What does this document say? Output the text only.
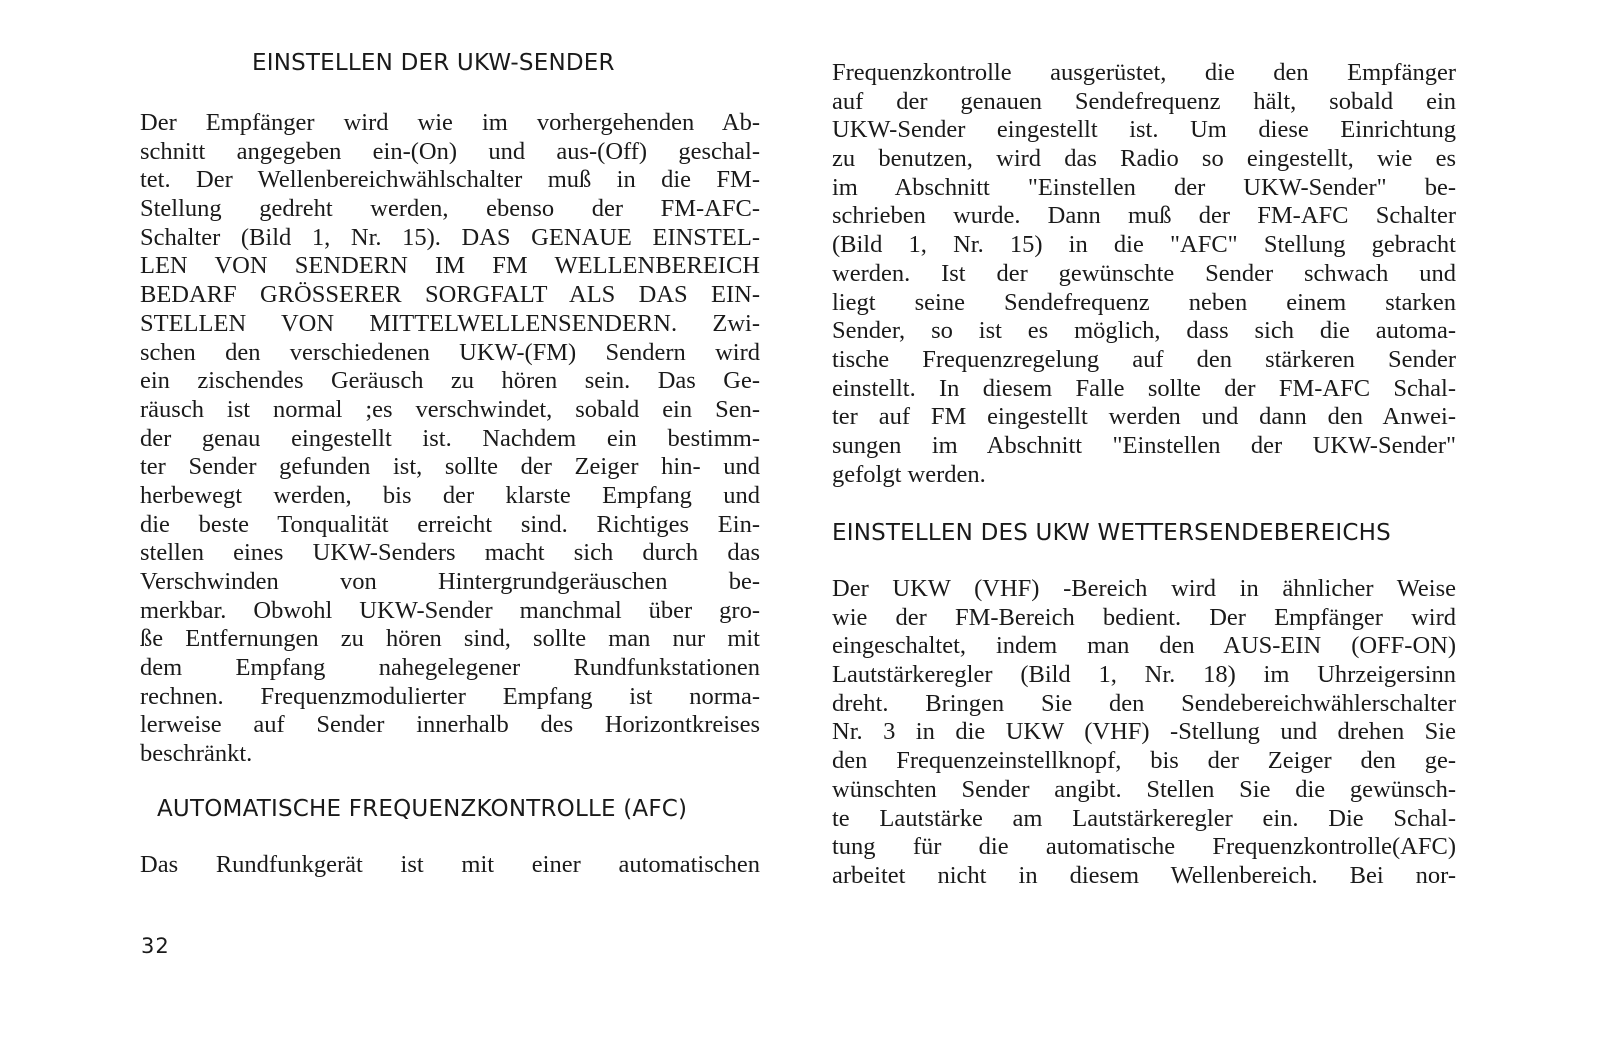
EINSTELLEN DER UKW-SENDER
Der Empfänger wird wie im vorhergehenden Ab-
schnitt angegeben ein-(On) und aus-(Off) geschal-
tet. Der Wellenbereichwählschalter muß in die FM-
Stellung gedreht werden, ebenso der FM-AFC-
Schalter (Bild 1, Nr. 15). DAS GENAUE EINSTEL-
LEN VON SENDERN IM FM WELLENBEREICH
BEDARF GRÖSSERER SORGFALT ALS DAS EIN-
STELLEN VON MITTELWELLENSENDERN. Zwi-
schen den verschiedenen UKW-(FM) Sendern wird
ein zischendes Geräusch zu hören sein. Das Ge-
räusch ist normal ;es verschwindet, sobald ein Sen-
der genau eingestellt ist. Nachdem ein bestimm-
ter Sender gefunden ist, sollte der Zeiger hin- und
herbewegt werden, bis der klarste Empfang und
die beste Tonqualität erreicht sind. Richtiges Ein-
stellen eines UKW-Senders macht sich durch das
Verschwinden von Hintergrundgeräuschen be-
merkbar. Obwohl UKW-Sender manchmal über gro-
ße Entfernungen zu hören sind, sollte man nur mit
dem Empfang nahegelegener Rundfunkstationen
rechnen. Frequenzmodulierter Empfang ist norma-
lerweise auf Sender innerhalb des Horizontkreises
beschränkt.
AUTOMATISCHE FREQUENZKONTROLLE (AFC)
Das Rundfunkgerät ist mit einer automatischen
Frequenzkontrolle ausgerüstet, die den Empfänger
auf der genauen Sendefrequenz hält, sobald ein
UKW-Sender eingestellt ist. Um diese Einrichtung
zu benutzen, wird das Radio so eingestellt, wie es
im Abschnitt "Einstellen der UKW-Sender" be-
schrieben wurde. Dann muß der FM-AFC Schalter
(Bild 1, Nr. 15) in die "AFC" Stellung gebracht
werden. Ist der gewünschte Sender schwach und
liegt seine Sendefrequenz neben einem starken
Sender, so ist es möglich, dass sich die automa-
tische Frequenzregelung auf den stärkeren Sender
einstellt. In diesem Falle sollte der FM-AFC Schal-
ter auf FM eingestellt werden und dann den Anwei-
sungen im Abschnitt "Einstellen der UKW-Sender"
gefolgt werden.
EINSTELLEN DES UKW WETTERSENDEBEREICHS
Der UKW (VHF) -Bereich wird in ähnlicher Weise
wie der FM-Bereich bedient. Der Empfänger wird
eingeschaltet, indem man den AUS-EIN (OFF-ON)
Lautstärkeregler (Bild 1, Nr. 18) im Uhrzeigersinn
dreht. Bringen Sie den Sendebereichwählerschalter
Nr. 3 in die UKW (VHF) -Stellung und drehen Sie
den Frequenzeinstellknopf, bis der Zeiger den ge-
wünschten Sender angibt. Stellen Sie die gewünsch-
te Lautstärke am Lautstärkeregler ein. Die Schal-
tung für die automatische Frequenzkontrolle(AFC)
arbeitet nicht in diesem Wellenbereich. Bei nor-
32
